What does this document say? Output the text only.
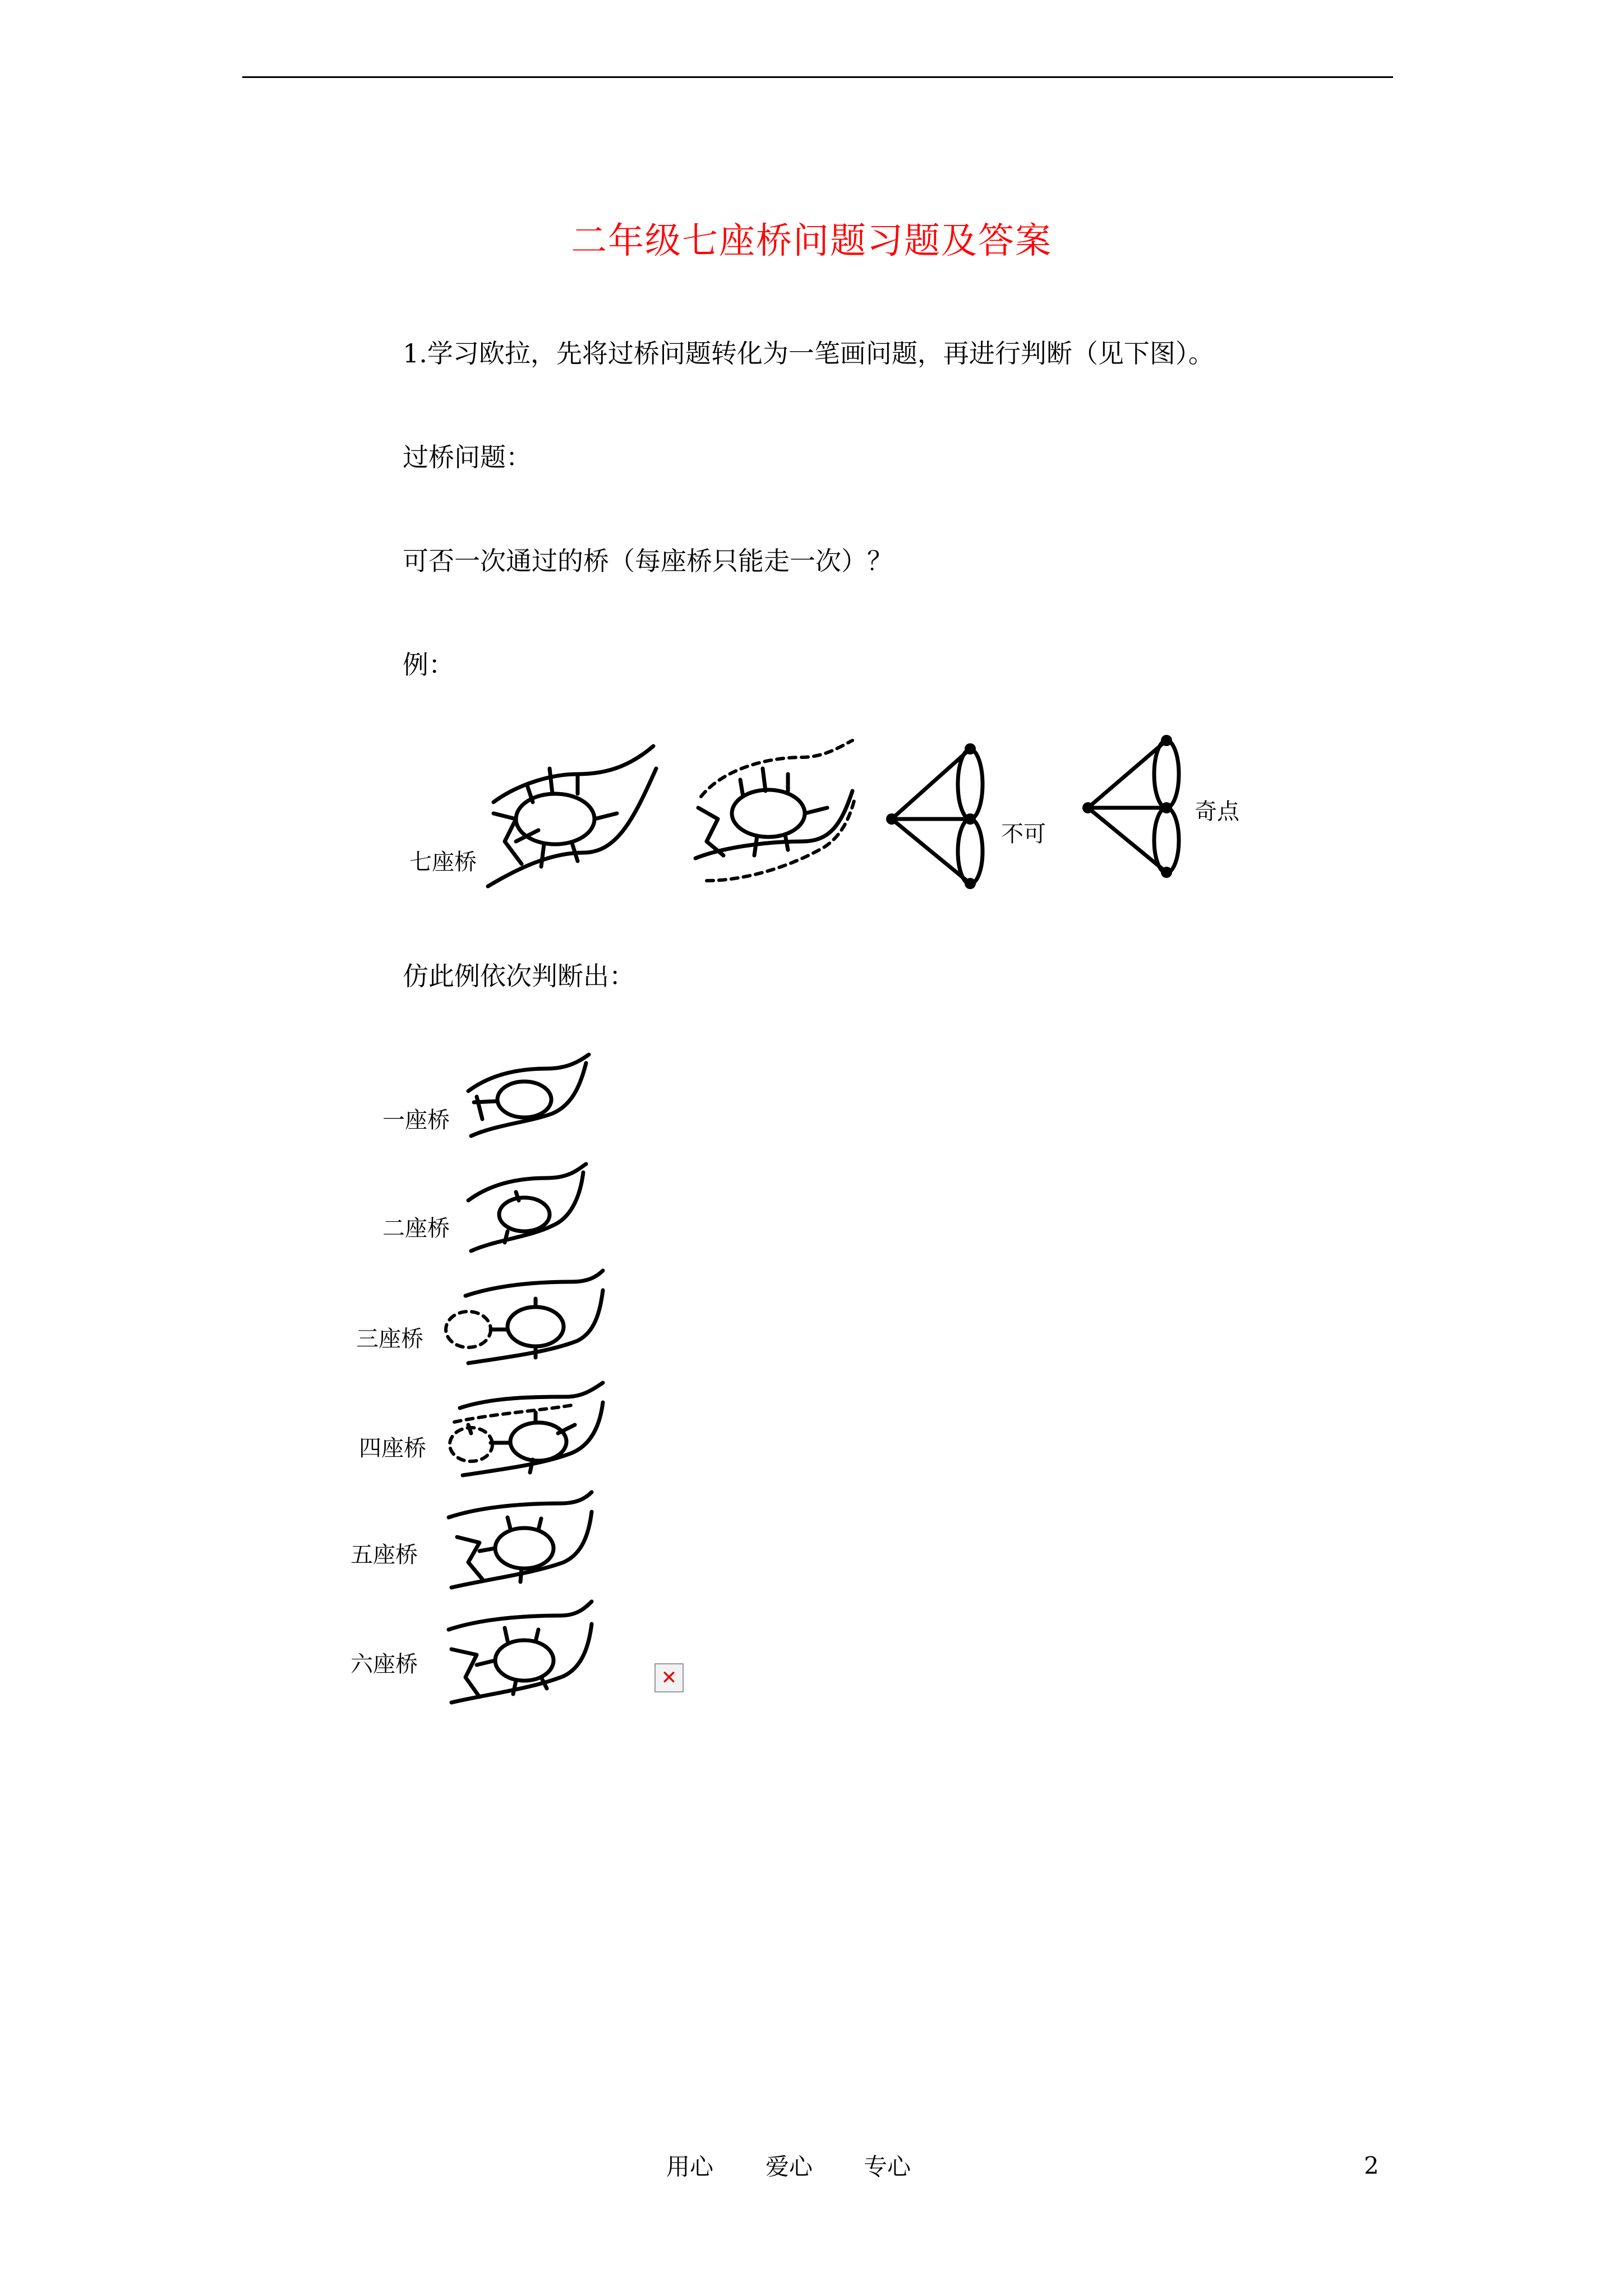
二年级七座桥问题习题及答案
1.学习欧拉，先将过桥问题转化为一笔画问题，再进行判断（见下图）。
过桥问题：
可否一次通过的桥（每座桥只能走一次）？
例：
七座桥
不可
奇点
仿此例依次判断出：
一座桥
二座桥
三座桥
四座桥
五座桥
六座桥
✕
用心 爱心 专心	2
